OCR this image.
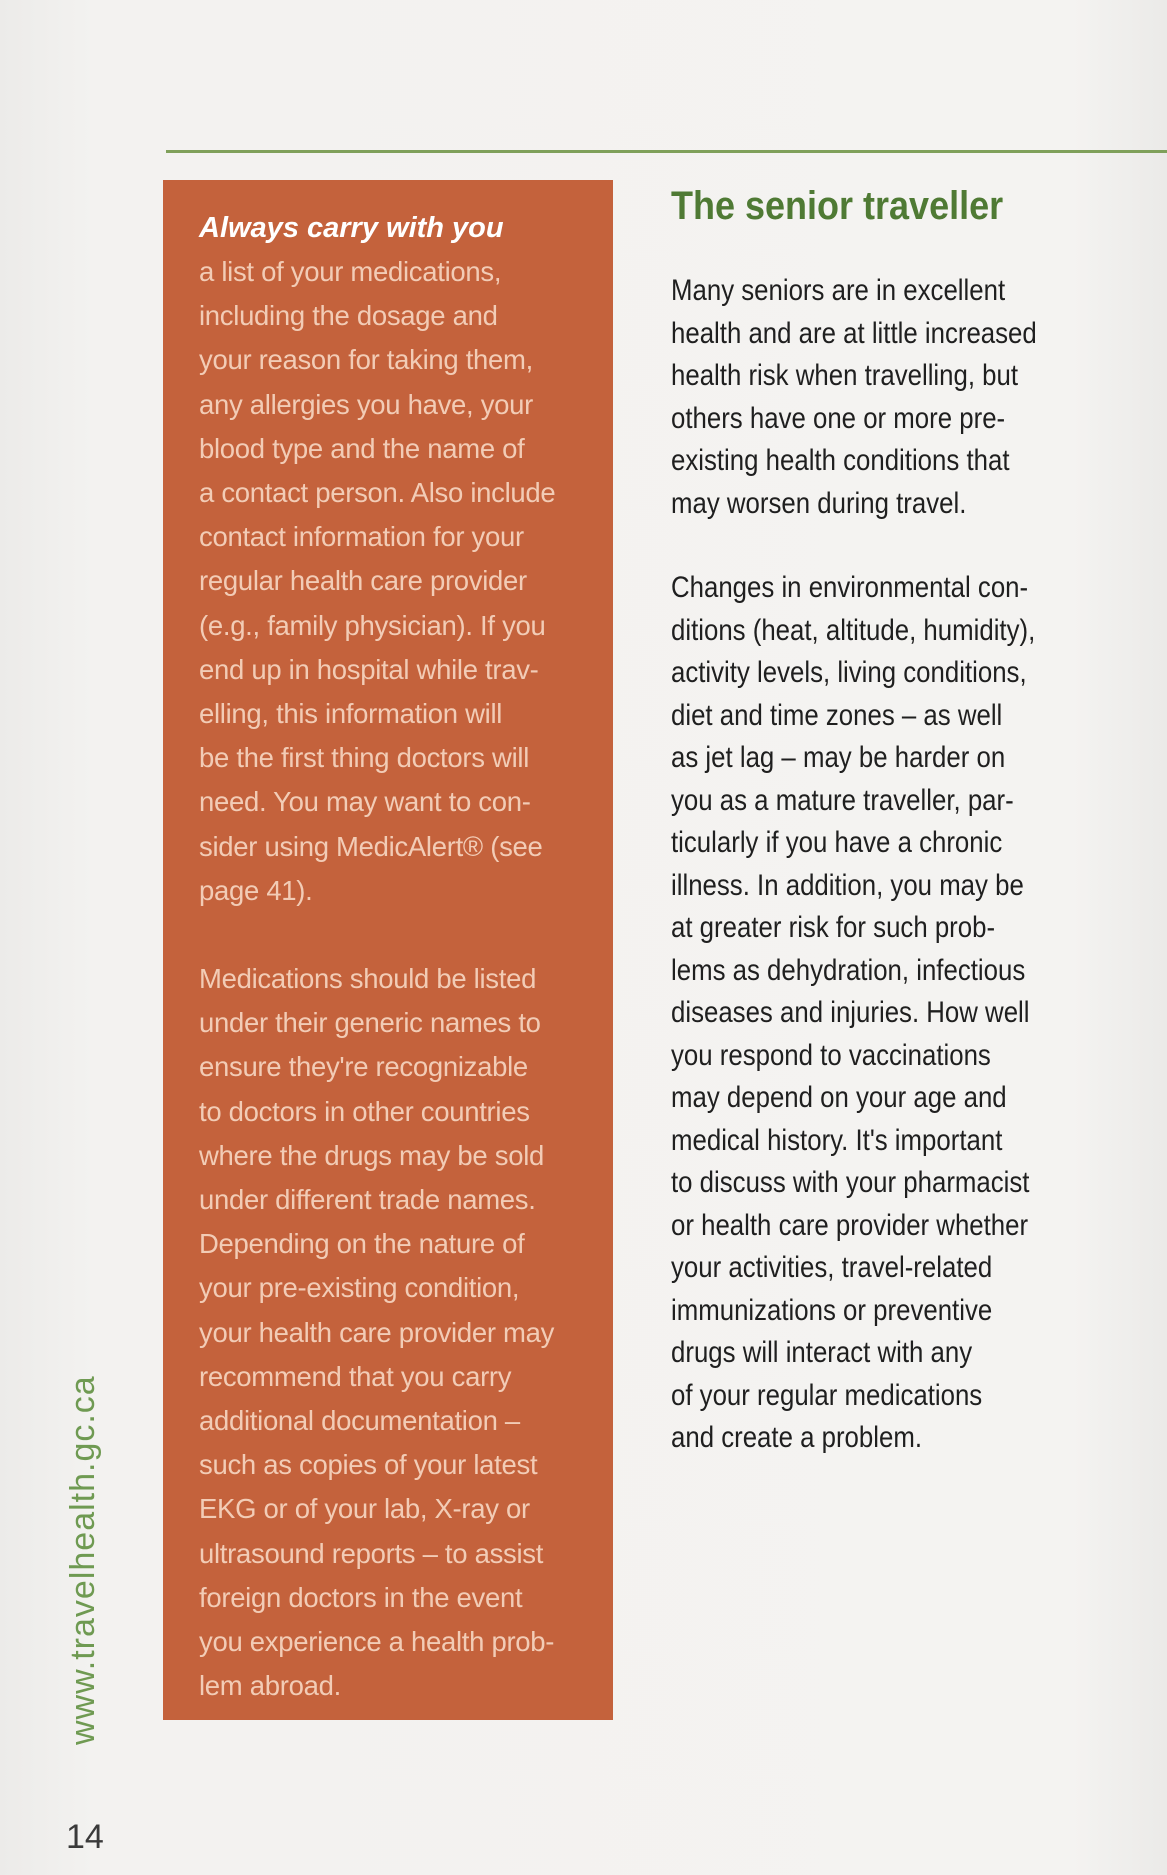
Always carry with you

a list of your medications,
including the dosage and
your reason for taking them,
any allergies you have, your
blood type and the name of
a contact person. Also include
contact information for your
regular health care provider
(e.g., family physician). If you
end up in hospital while trav-
elling, this information will
be the first thing doctors will
need. You may want to con-
sider using MedicAlert® (see
page 41).

Medications should be listed
under their generic names to
ensure they're recognizable
to doctors in other countries
where the drugs may be sold
under different trade names.
Depending on the nature of
your pre-existing condition,
your health care provider may
recommend that you carry
additional documentation –
such as copies of your latest
EKG or of your lab, X-ray or
ultrasound reports – to assist
foreign doctors in the event
you experience a health prob-
lem abroad.

The senior traveller

Many seniors are in excellent
health and are at little increased
health risk when travelling, but
others have one or more pre-
existing health conditions that
may worsen during travel.

Changes in environmental con-
ditions (heat, altitude, humidity),
activity levels, living conditions,
diet and time zones – as well
as jet lag – may be harder on
you as a mature traveller, par-
ticularly if you have a chronic
illness. In addition, you may be
at greater risk for such prob-
lems as dehydration, infectious
diseases and injuries. How well
you respond to vaccinations
may depend on your age and
medical history. It's important
to discuss with your pharmacist
or health care provider whether
your activities, travel-related
immunizations or preventive
drugs will interact with any
of your regular medications
and create a problem.

www.travelhealth.gc.ca
14
